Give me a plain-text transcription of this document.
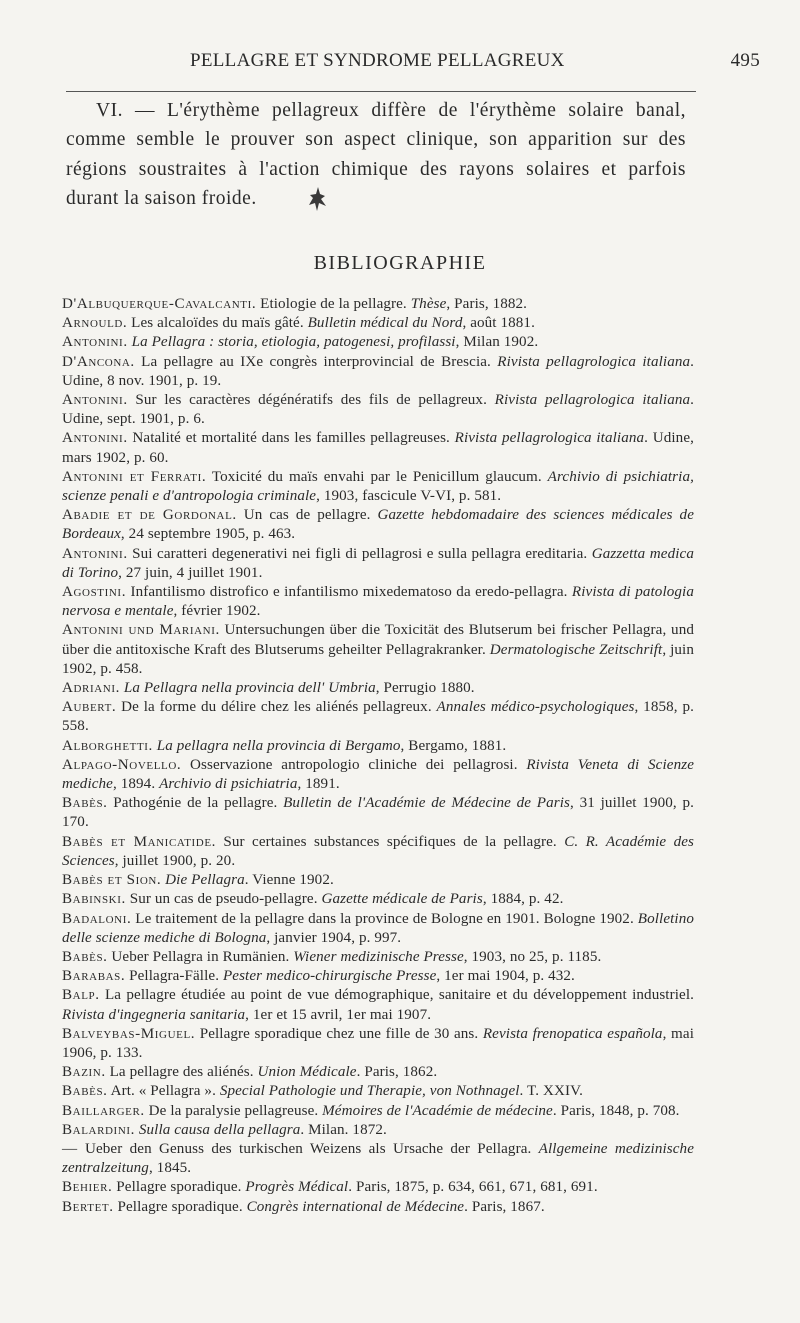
PELLAGRE ET SYNDROME PELLAGREUX	495

VI. — L'érythème pellagreux diffère de l'érythème solaire banal, comme semble le prouver son aspect clinique, son apparition sur des régions soustraites à l'action chimique des rayons solaires et parfois durant la saison froide.

BIBLIOGRAPHIE

D'Albuquerque-Cavalcanti. Etiologie de la pellagre. Thèse, Paris, 1882.

Arnould. Les alcaloïdes du maïs gâté. Bulletin médical du Nord, août 1881.

Antonini. La Pellagra : storia, etiologia, patogenesi, profilassi, Milan 1902.

D'Ancona. La pellagre au IXe congrès interprovincial de Brescia. Rivista pellagrologica italiana. Udine, 8 nov. 1901, p. 19.

Antonini. Sur les caractères dégénératifs des fils de pellagreux. Rivista pellagrologica italiana. Udine, sept. 1901, p. 6.

Antonini. Natalité et mortalité dans les familles pellagreuses. Rivista pellagrologica italiana. Udine, mars 1902, p. 60.

Antonini et Ferrati. Toxicité du maïs envahi par le Penicillum glaucum. Archivio di psichiatria, scienze penali e d'antropologia criminale, 1903, fascicule V-VI, p. 581.

Abadie et de Gordonal. Un cas de pellagre. Gazette hebdomadaire des sciences médicales de Bordeaux, 24 septembre 1905, p. 463.

Antonini. Sui caratteri degenerativi nei figli di pellagrosi e sulla pellagra ereditaria. Gazzetta medica di Torino, 27 juin, 4 juillet 1901.

Agostini. Infantilismo distrofico e infantilismo mixedematoso da eredo-pellagra. Rivista di patologia nervosa e mentale, février 1902.

Antonini und Mariani. Untersuchungen über die Toxicität des Blutserum bei frischer Pellagra, und über die antitoxische Kraft des Blutserums geheilter Pellagrakranker. Dermatologische Zeitschrift, juin 1902, p. 458.

Adriani. La Pellagra nella provincia dell' Umbria, Perrugio 1880.

Aubert. De la forme du délire chez les aliénés pellagreux. Annales médico-psychologiques, 1858, p. 558.

Alborghetti. La pellagra nella provincia di Bergamo, Bergamo, 1881.

Alpago-Novello. Osservazione antropologio cliniche dei pellagrosi. Rivista Veneta di Scienze mediche, 1894. Archivio di psichiatria, 1891.

Babès. Pathogénie de la pellagre. Bulletin de l'Académie de Médecine de Paris, 31 juillet 1900, p. 170.

Babès et Manicatide. Sur certaines substances spécifiques de la pellagre. C. R. Académie des Sciences, juillet 1900, p. 20.

Babès et Sion. Die Pellagra. Vienne 1902.

Babinski. Sur un cas de pseudo-pellagre. Gazette médicale de Paris, 1884, p. 42.

Badaloni. Le traitement de la pellagre dans la province de Bologne en 1901. Bologne 1902. Bolletino delle scienze mediche di Bologna, janvier 1904, p. 997.

Babès. Ueber Pellagra in Rumänien. Wiener medizinische Presse, 1903, no 25, p. 1185.

Barabas. Pellagra-Fälle. Pester medico-chirurgische Presse, 1er mai 1904, p. 432.

Balp. La pellagre étudiée au point de vue démographique, sanitaire et du développement industriel. Rivista d'ingegneria sanitaria, 1er et 15 avril, 1er mai 1907.

Balveybas-Miguel. Pellagre sporadique chez une fille de 30 ans. Revista frenopatica española, mai 1906, p. 133.

Bazin. La pellagre des aliénés. Union Médicale. Paris, 1862.

Babès. Art. « Pellagra ». Special Pathologie und Therapie, von Nothnagel. T. XXIV.

Baillarger. De la paralysie pellagreuse. Mémoires de l'Académie de médecine. Paris, 1848, p. 708.

Balardini. Sulla causa della pellagra. Milan. 1872.

— Ueber den Genuss des turkischen Weizens als Ursache der Pellagra. Allgemeine medizinische zentralzeitung, 1845.

Behier. Pellagre sporadique. Progrès Médical. Paris, 1875, p. 634, 661, 671, 681, 691.

Bertet. Pellagre sporadique. Congrès international de Médecine. Paris, 1867.
